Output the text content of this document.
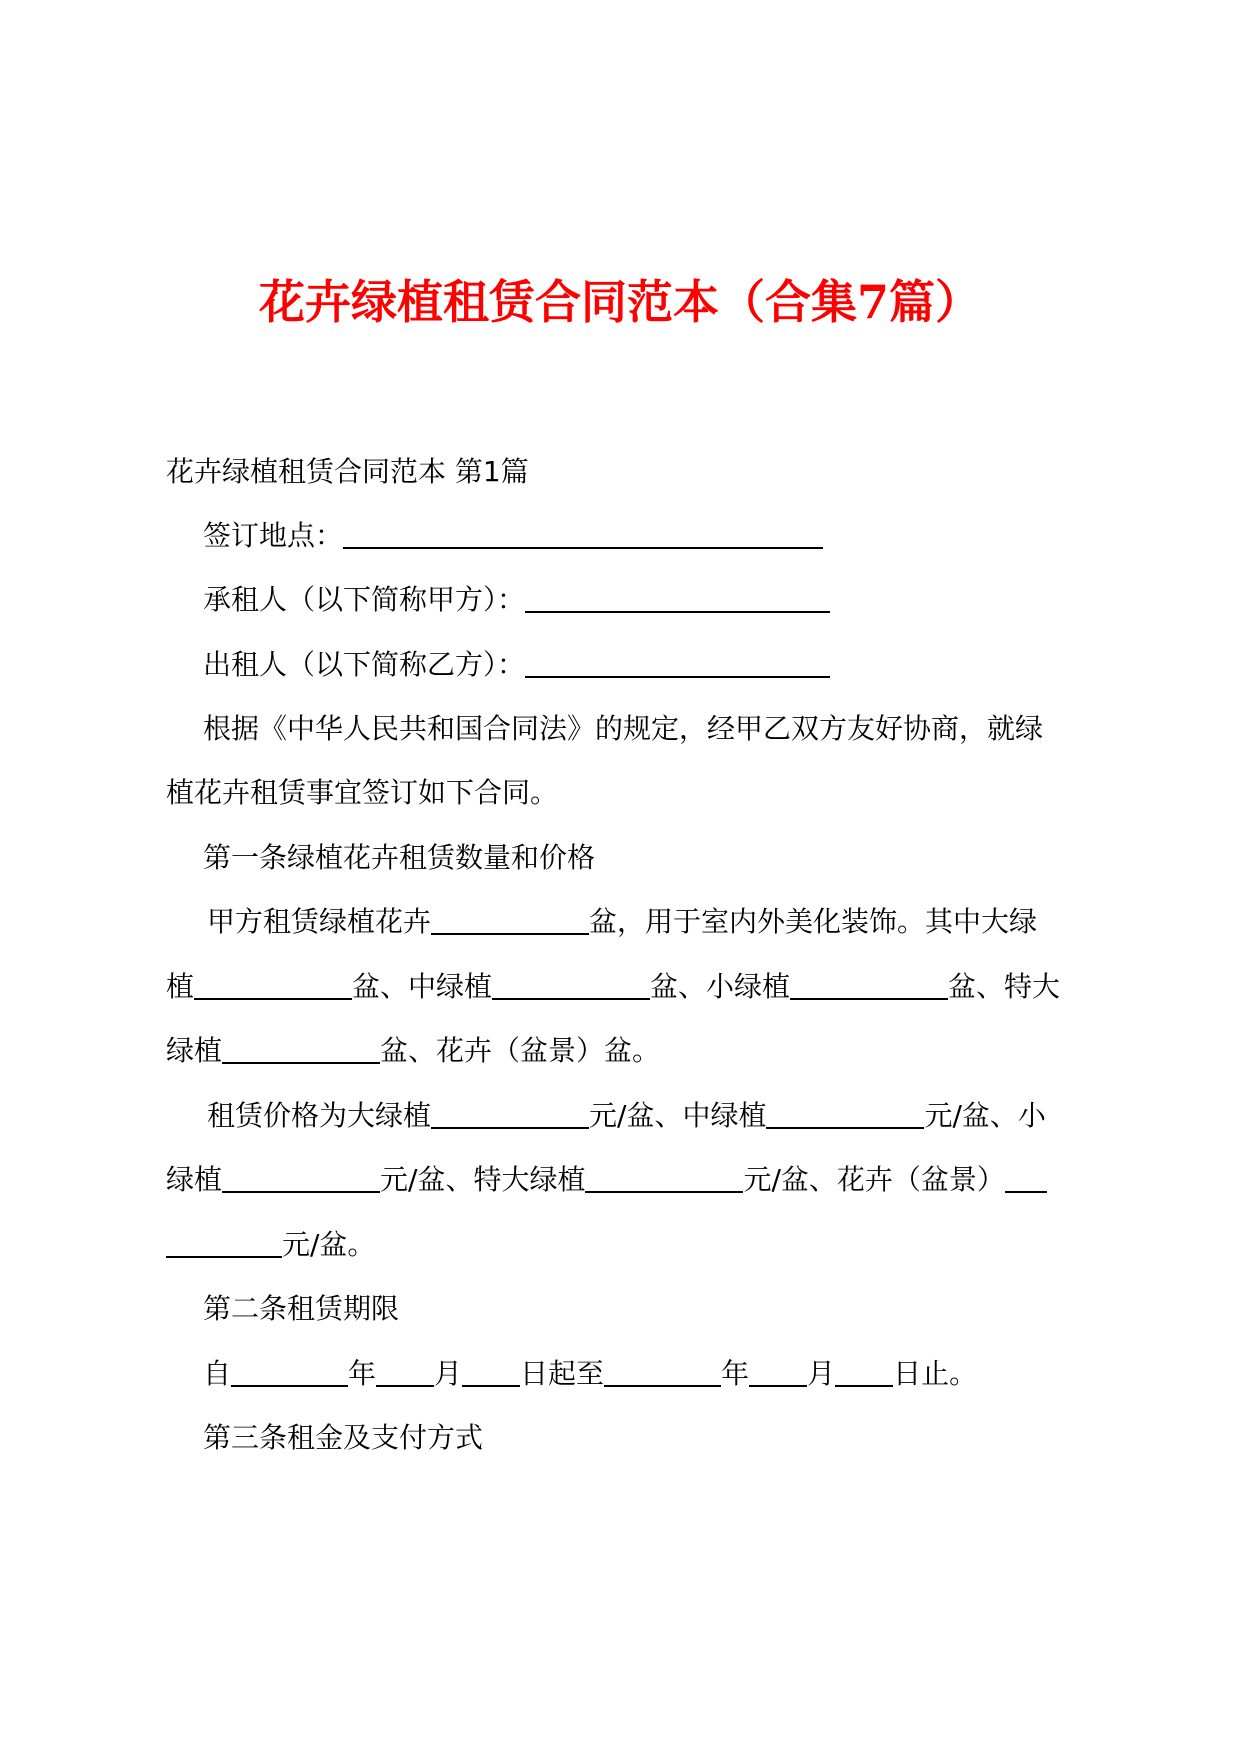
花卉绿植租赁合同范本（合集7篇）
花卉绿植租赁合同范本 第1篇
签订地点：
承租人（以下简称甲方）：
出租人（以下简称乙方）：
根据《中华人民共和国合同法》的规定，经甲乙双方友好协商，就绿
植花卉租赁事宜签订如下合同。
第一条绿植花卉租赁数量和价格
甲方租赁绿植花卉	盆，用于室内外美化装饰。其中大绿
植	盆、中绿植	盆、小绿植	盆、特大
绿植	盆、花卉（盆景）盆。
租赁价格为大绿植	元/盆、中绿植	元/盆、小
绿植	元/盆、特大绿植	元/盆、花卉（盆景）
元/盆。
第二条租赁期限
自	年 月 日起至	年 月 日止。
第三条租金及支付方式
